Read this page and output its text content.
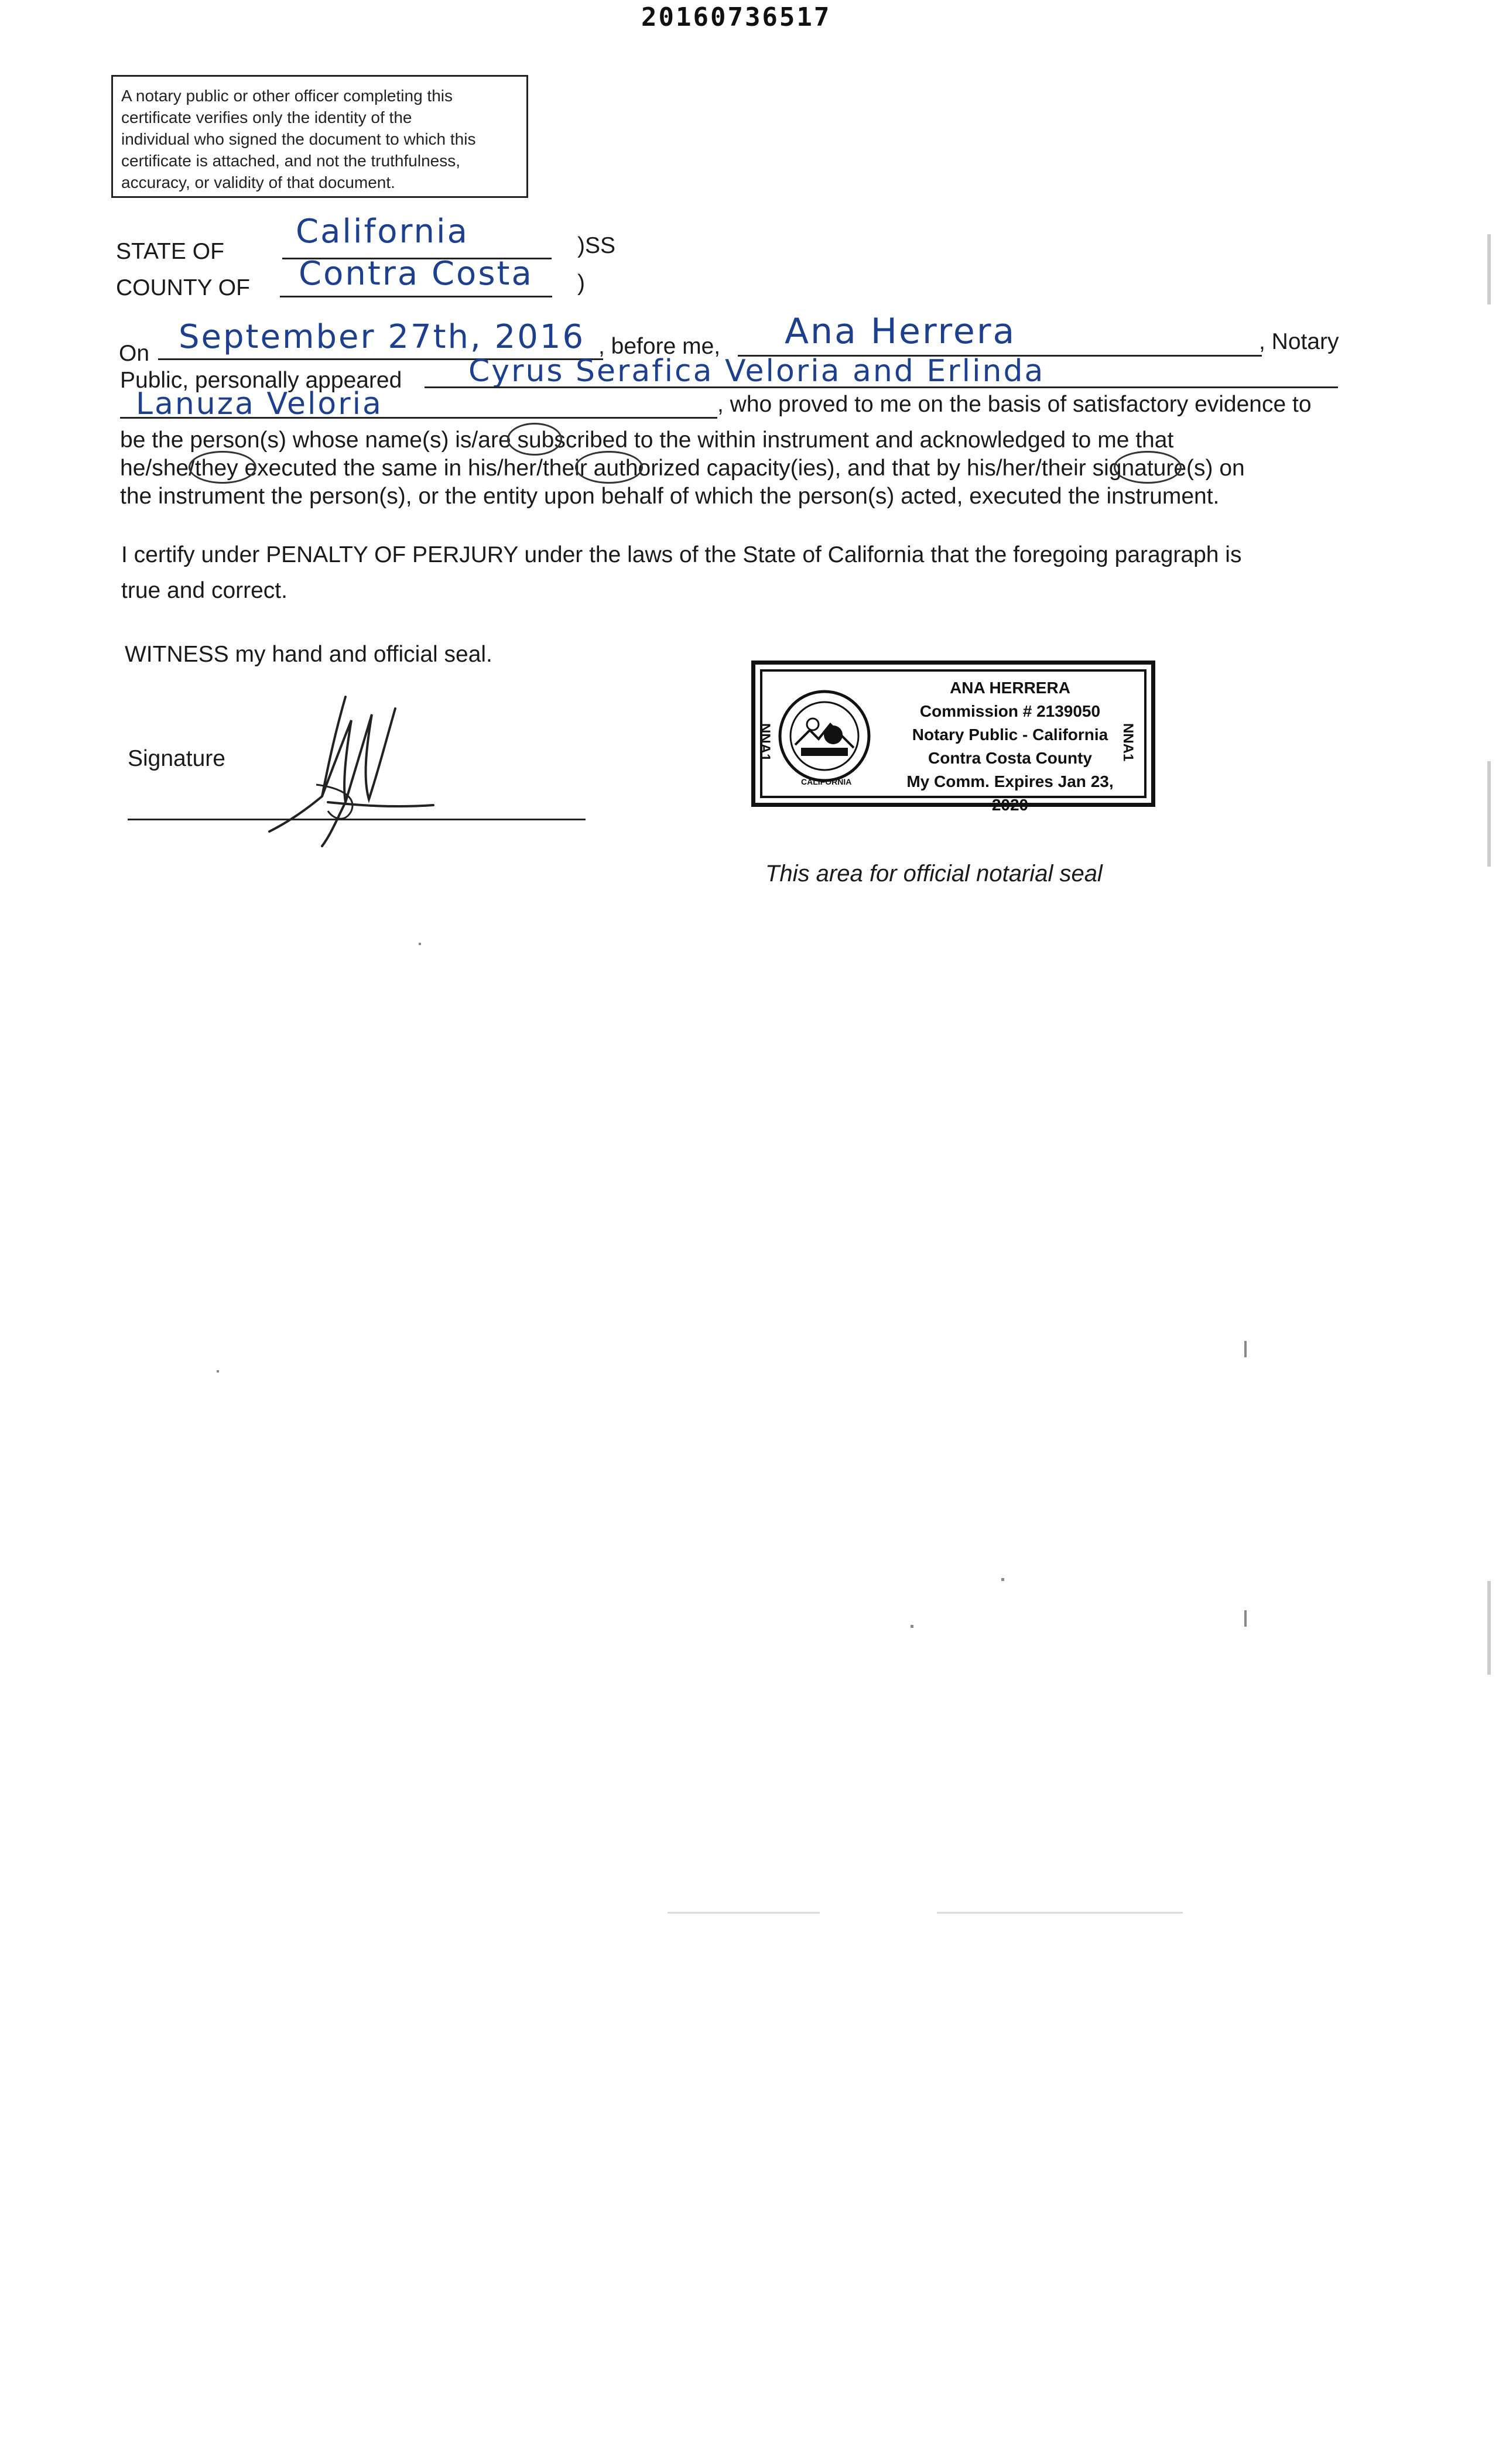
20160736517
A notary public or other officer completing this
certificate verifies only the identity of the
individual who signed the document to which this
certificate is attached, and not the truthfulness,
accuracy, or validity of that document.
STATE OF
California	)SS
COUNTY OF Contra Costa )
On September 27th, 2016 , before me, Ana Herrera	, Notary
Public, personally appeared Cyrus Serafica Veloria and Erlinda
Lanuza Veloria	, who proved to me on the basis of satisfactory evidence to
be the person(s) whose name(s) is/are subscribed to the within instrument and acknowledged to me that
he/she/they executed the same in his/her/their authorized capacity(ies), and that by his/her/their signature(s) on
the instrument the person(s), or the entity upon behalf of which the person(s) acted, executed the instrument.
I certify under PENALTY OF PERJURY under the laws of the State of California that the foregoing paragraph is
true and correct.
WITNESS my hand and official seal.
Signature
CALIFORNIA
NNA1	NNA1
ANA HERRERA
Commission # 2139050
Notary Public - California
Contra Costa County
My Comm. Expires Jan 23, 2020
This area for official notarial seal
